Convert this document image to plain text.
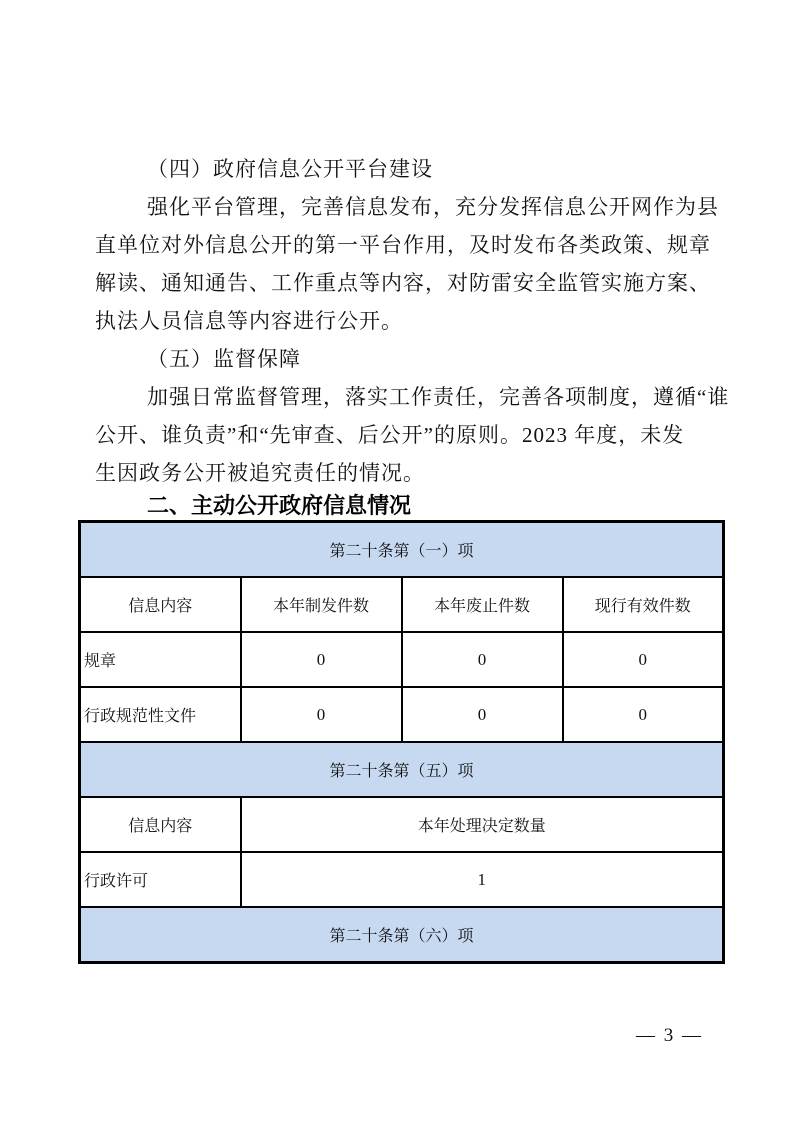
（四）政府信息公开平台建设
强化平台管理，完善信息发布，充分发挥信息公开网作为县
直单位对外信息公开的第一平台作用，及时发布各类政策、规章
解读、通知通告、工作重点等内容，对防雷安全监管实施方案、
执法人员信息等内容进行公开。
（五）监督保障
加强日常监督管理，落实工作责任，完善各项制度，遵循“谁
公开、谁负责”和“先审查、后公开”的原则。2023 年度，未发
生因政务公开被追究责任的情况。
二、主动公开政府信息情况
第二十条第（一）项			
信息内容	本年制发件数	本年废止件数	现行有效件数
规章	0	0	0
行政规范性文件	0	0	0
第二十条第（五）项			
信息内容	本年处理决定数量		
行政许可	1		
第二十条第（六）项			
— 3 —
